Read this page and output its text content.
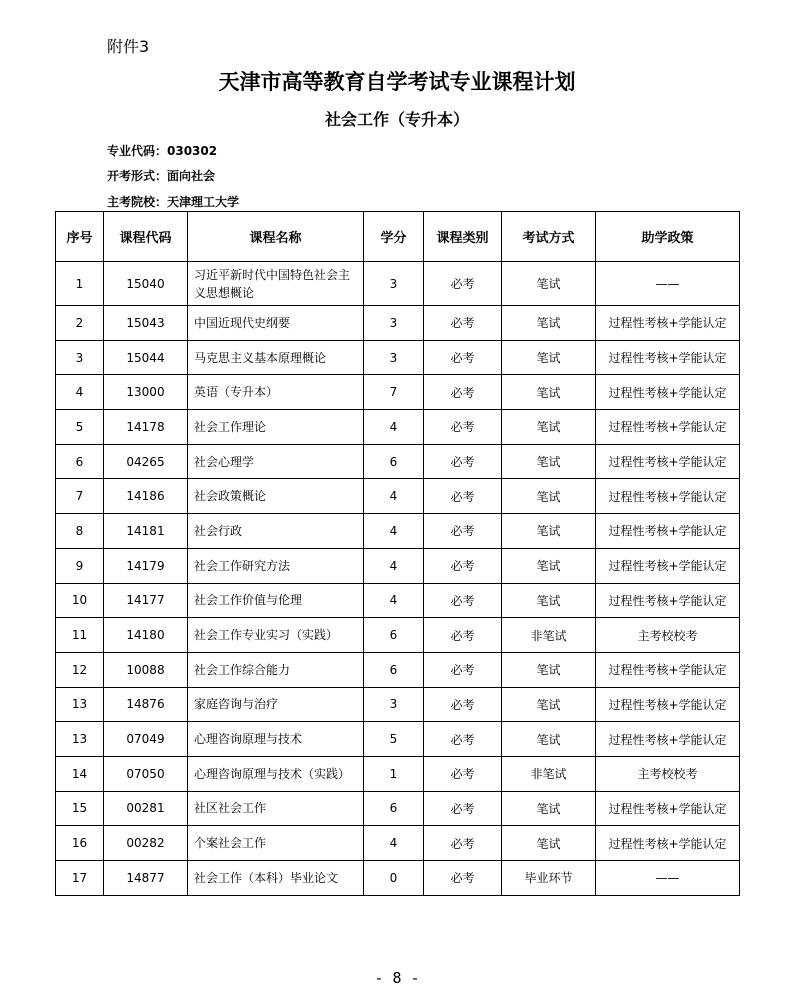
附件3
天津市高等教育自学考试专业课程计划
社会工作（专升本）
专业代码：030302
开考形式：面向社会
主考院校：天津理工大学
序号	课程代码	课程名称	学分	课程类别	考试方式	助学政策
1	15040	习近平新时代中国特色社会主义思想概论	3	必考	笔试	——
2	15043	中国近现代史纲要	3	必考	笔试	过程性考核+学能认定
3	15044	马克思主义基本原理概论	3	必考	笔试	过程性考核+学能认定
4	13000	英语（专升本）	7	必考	笔试	过程性考核+学能认定
5	14178	社会工作理论	4	必考	笔试	过程性考核+学能认定
6	04265	社会心理学	6	必考	笔试	过程性考核+学能认定
7	14186	社会政策概论	4	必考	笔试	过程性考核+学能认定
8	14181	社会行政	4	必考	笔试	过程性考核+学能认定
9	14179	社会工作研究方法	4	必考	笔试	过程性考核+学能认定
10	14177	社会工作价值与伦理	4	必考	笔试	过程性考核+学能认定
11	14180	社会工作专业实习（实践）	6	必考	非笔试	主考校校考
12	10088	社会工作综合能力	6	必考	笔试	过程性考核+学能认定
13	14876	家庭咨询与治疗	3	必考	笔试	过程性考核+学能认定
13	07049	心理咨询原理与技术	5	必考	笔试	过程性考核+学能认定
14	07050	心理咨询原理与技术（实践）	1	必考	非笔试	主考校校考
15	00281	社区社会工作	6	必考	笔试	过程性考核+学能认定
16	00282	个案社会工作	4	必考	笔试	过程性考核+学能认定
17	14877	社会工作（本科）毕业论文	0	必考	毕业环节	——
- 8 -
